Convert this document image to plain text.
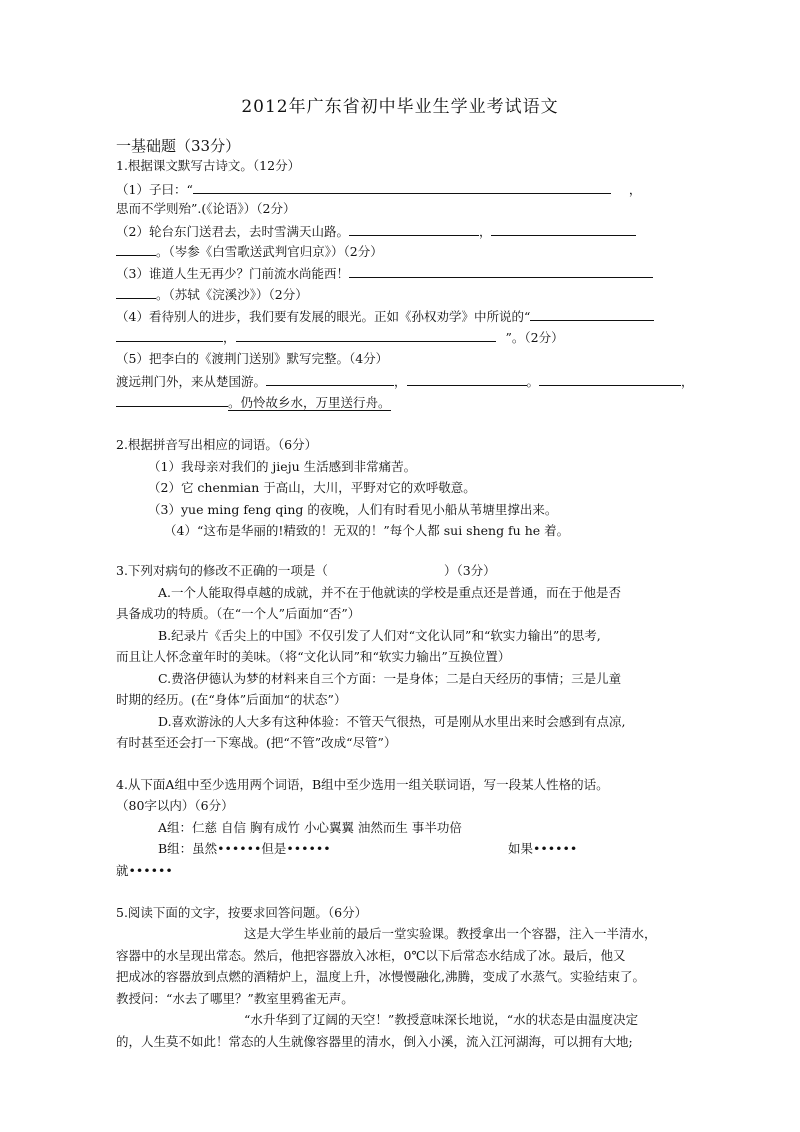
2012年广东省初中毕业生学业考试语文
一基础题（33分）
1.根据课文默写古诗文。（12分）
（1）子曰：“	，
思而不学则殆”.(《论语》）（2分）
（2）轮台东门送君去，去时雪满天山路。	，
。（岑参《白雪歌送武判官归京》）（2分）
（3）谁道人生无再少？门前流水尚能西！
。（苏轼《浣溪沙》）（2分）
（4）看待别人的进步，我们要有发展的眼光。正如《孙权劝学》中所说的“
，	”。（2分）
（5）把李白的《渡荆门送别》默写完整。（4分）
渡远荆门外，来从楚国游。	，	。	，
。仍怜故乡水，万里送行舟。
2.根据拼音写出相应的词语。（6分）
（1）我母亲对我们的 jieju 生活感到非常痛苦。
（2）它 chenmian 于高山，大川，平野对它的欢呼敬意。
（3）yue ming feng qing 的夜晚，人们有时看见小船从苇塘里撑出来。
（4）“这布是华丽的!精致的！无双的！”每个人都 sui sheng fu he 着。
3.下列对病句的修改不正确的一项是（	）（3分）
A.一个人能取得卓越的成就，并不在于他就读的学校是重点还是普通，而在于他是否
具备成功的特质。（在“一个人”后面加“否”）
B.纪录片《舌尖上的中国》不仅引发了人们对“文化认同”和“软实力输出”的思考,
而且让人怀念童年时的美味。（将“文化认同”和“软实力输出”互换位置）
C.费洛伊德认为梦的材料来自三个方面：一是身体；二是白天经历的事情；三是儿童
时期的经历。(在“身体”后面加“的状态”）
D.喜欢游泳的人大多有这种体验：不管天气很热，可是刚从水里出来时会感到有点凉,
有时甚至还会打一下寒战。(把“不管”改成“尽管”）
4.从下面A组中至少选用两个词语，B组中至少选用一组关联词语，写一段某人性格的话。
（80字以内）（6分）
A组：仁慈 自信 胸有成竹 小心翼翼 油然而生 事半功倍
B组：虽然••••••但是••••••	如果••••••
就••••••
5.阅读下面的文字，按要求回答问题。（6分）
这是大学生毕业前的最后一堂实验课。教授拿出一个容器，注入一半清水，
容器中的水呈现出常态。然后，他把容器放入冰柜，0℃以下后常态水结成了冰。最后，他又
把成冰的容器放到点燃的酒精炉上，温度上升，冰慢慢融化,沸腾，变成了水蒸气。实验结束了。
教授问：“水去了哪里？”教室里鸦雀无声。
“水升华到了辽阔的天空！”教授意味深长地说，“水的状态是由温度决定
的，人生莫不如此！常态的人生就像容器里的清水，倒入小溪，流入江河湖海，可以拥有大地;
